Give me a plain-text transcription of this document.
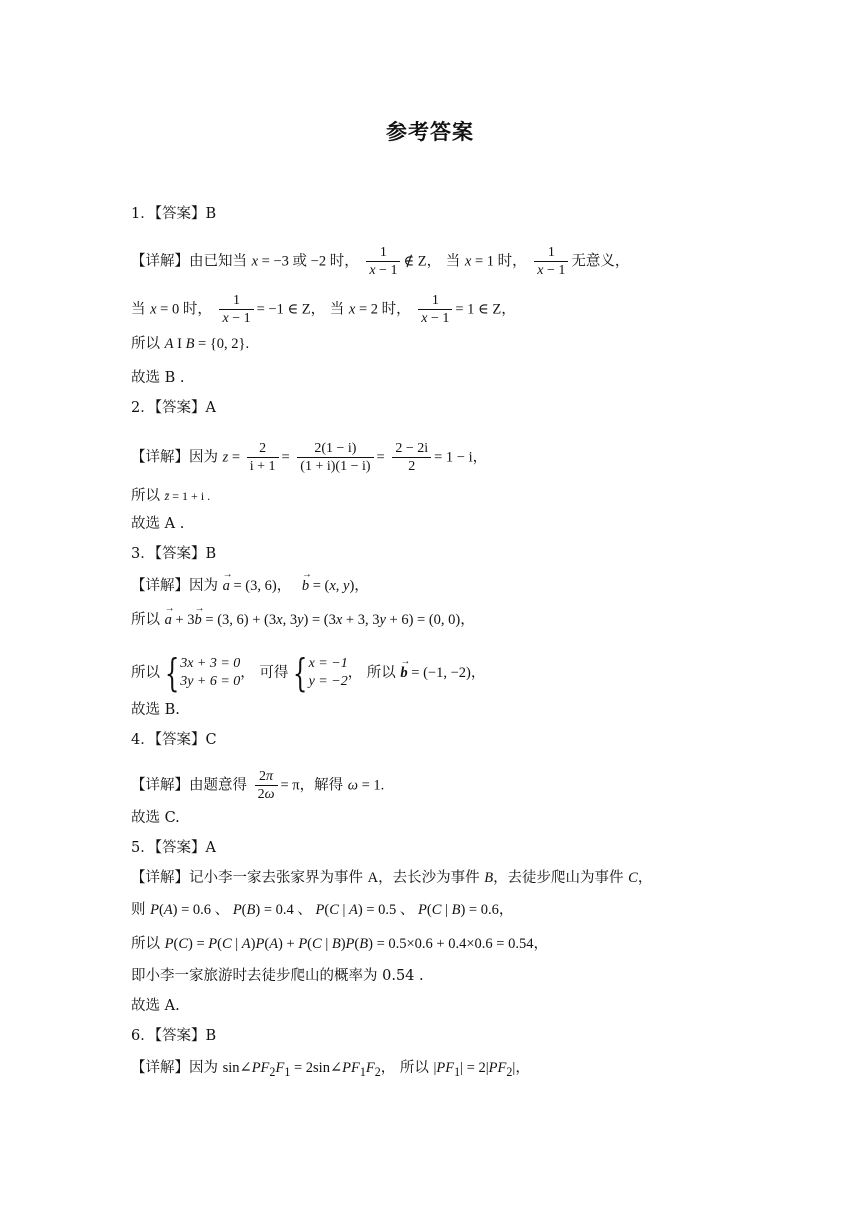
参考答案
1．【答案】B
【详解】由已知当 x = −3 或 −2 时， $\frac{1}{x - 1}$ ∉ Z， 当 x = 1 时， $\frac{1}{x - 1}$ 无意义，
当 x = 0 时， $\frac{1}{x - 1} = -1$ ∈ Z， 当 x = 2 时， $\frac{1}{x - 1} = 1$ ∈ Z，
所以 A I B = {0, 2}.
故选 B .
2．【答案】A
【详解】因为 $z = \frac{2}{i + 1} = \frac{2(1 - i)}{(1 + i)(1 - i)} = \frac{2 - 2i}{2} = 1 - i$，
所以 z̄ = 1 + i .
故选 A .
3．【答案】B
【详解】因为 a → = (3, 6)， b → = (x, y)，
所以 a → + 3b → = (3, 6) + (3x, 3y) = (3x + 3, 3y + 6) = (0, 0)，
所以 {3x + 3 = 0
3y + 6 = 0， 可得 {x = −1
y = −2， 所以 b → = (−1, −2)，
故选 B.
4．【答案】C
【详解】由题意得 $\frac{2\pi}{2\omega} = \pi$，解得 ω = 1.
故选 C.
5．【答案】A
【详解】记小李一家去张家界为事件 A，去长沙为事件 B，去徒步爬山为事件 C，
则 P(A) = 0.6 、 P(B) = 0.4 、 P(C | A) = 0.5 、 P(C | B) = 0.6，
所以 P(C) = P(C | A)P(A) + P(C | B)P(B) = 0.5×0.6 + 0.4×0.6 = 0.54，
即小李一家旅游时去徒步爬山的概率为 0.54 .
故选 A.
6．【答案】B
【详解】因为 $\sin\angle PF_2F_1$ = $2\sin\angle PF_1F_2$， 所以 $|PF_1| = 2|PF_2|$，
